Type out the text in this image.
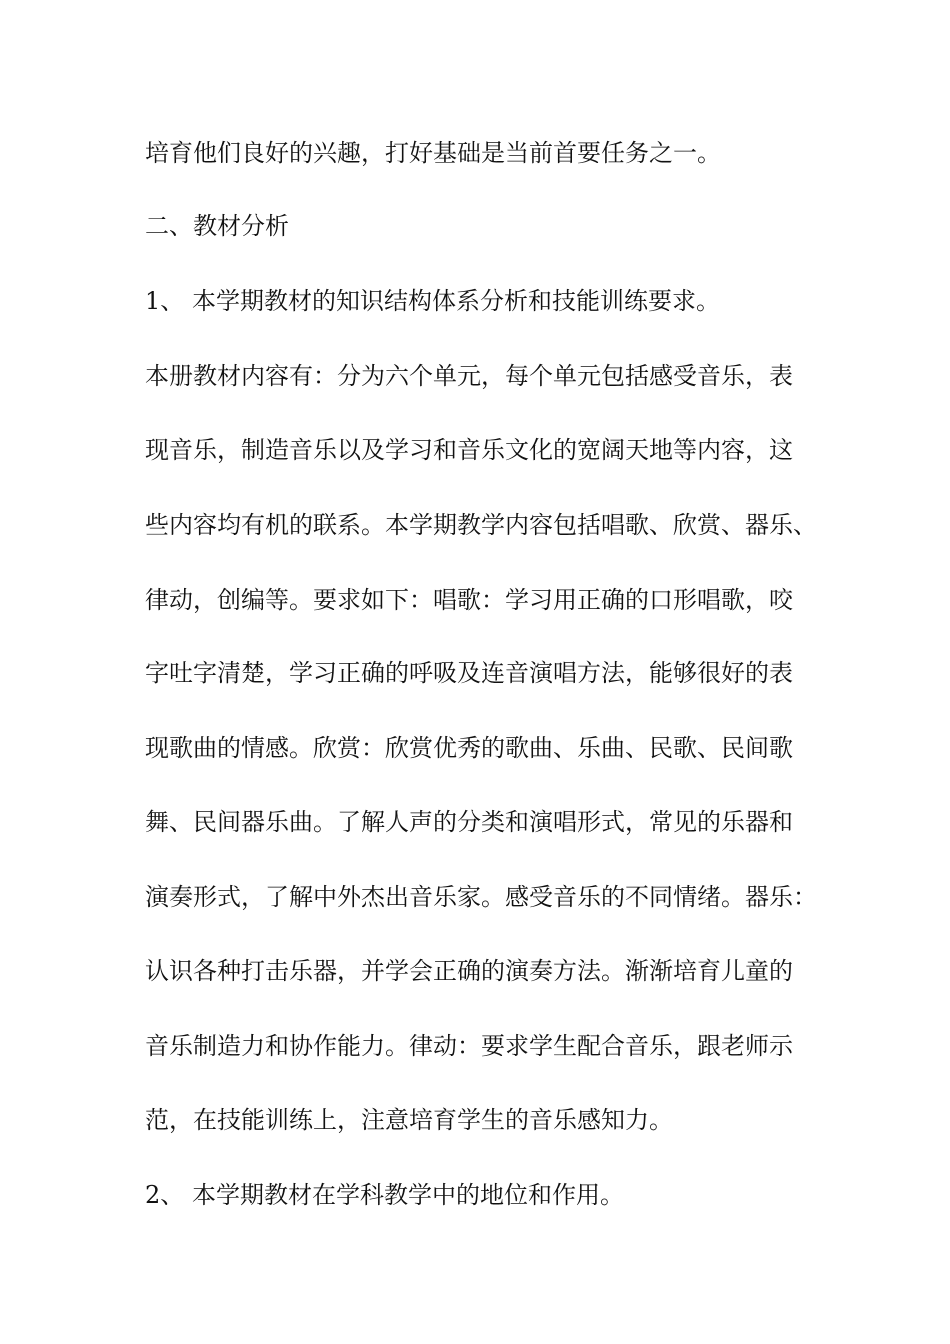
培育他们良好的兴趣，打好基础是当前首要任务之一。
二、教材分析
1、 本学期教材的知识结构体系分析和技能训练要求。
本册教材内容有：分为六个单元，每个单元包括感受音乐，表
现音乐，制造音乐以及学习和音乐文化的宽阔天地等内容，这
些内容均有机的联系。本学期教学内容包括唱歌、欣赏、器乐、
律动，创编等。要求如下：唱歌：学习用正确的口形唱歌，咬
字吐字清楚，学习正确的呼吸及连音演唱方法，能够很好的表
现歌曲的情感。欣赏：欣赏优秀的歌曲、乐曲、民歌、民间歌
舞、民间器乐曲。了解人声的分类和演唱形式，常见的乐器和
演奏形式，了解中外杰出音乐家。感受音乐的不同情绪。器乐：
认识各种打击乐器，并学会正确的演奏方法。渐渐培育儿童的
音乐制造力和协作能力。律动：要求学生配合音乐，跟老师示
范，在技能训练上，注意培育学生的音乐感知力。
2、 本学期教材在学科教学中的地位和作用。
